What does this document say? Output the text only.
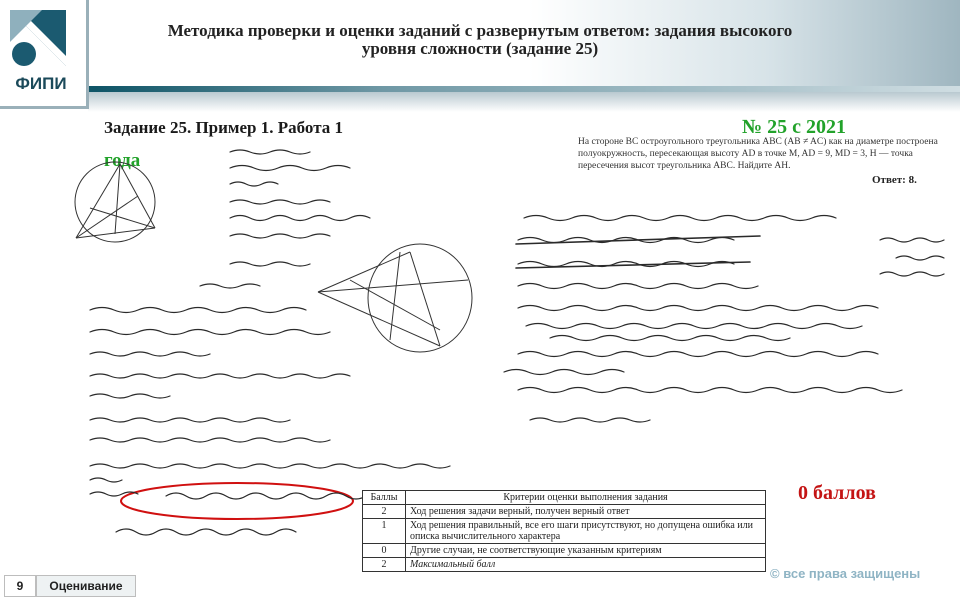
ФИПИ
Методика проверки и оценки заданий с развернутым ответом: задания высокого уровня сложности (задание 25)
Задание 25. Пример 1. Работа 1
года
№ 25 с 2021
На стороне BC остроугольного треугольника ABC (AB ≠ AC) как на диаметре построена полуокружность, пересекающая высоту AD в точке M, AD = 9, MD = 3, H — точка пересечения высот треугольника ABC. Найдите AH.
Ответ: 8.
0 баллов
Баллы	Критерии оценки выполнения задания
2	Ход решения задачи верный, получен верный ответ
1	Ход решения правильный, все его шаги присутствуют, но допущена ошибка или описка вычислительного характера
0	Другие случаи, не соответствующие указанным критериям
2	Максимальный балл
© все права защищены
9	Оценивание
